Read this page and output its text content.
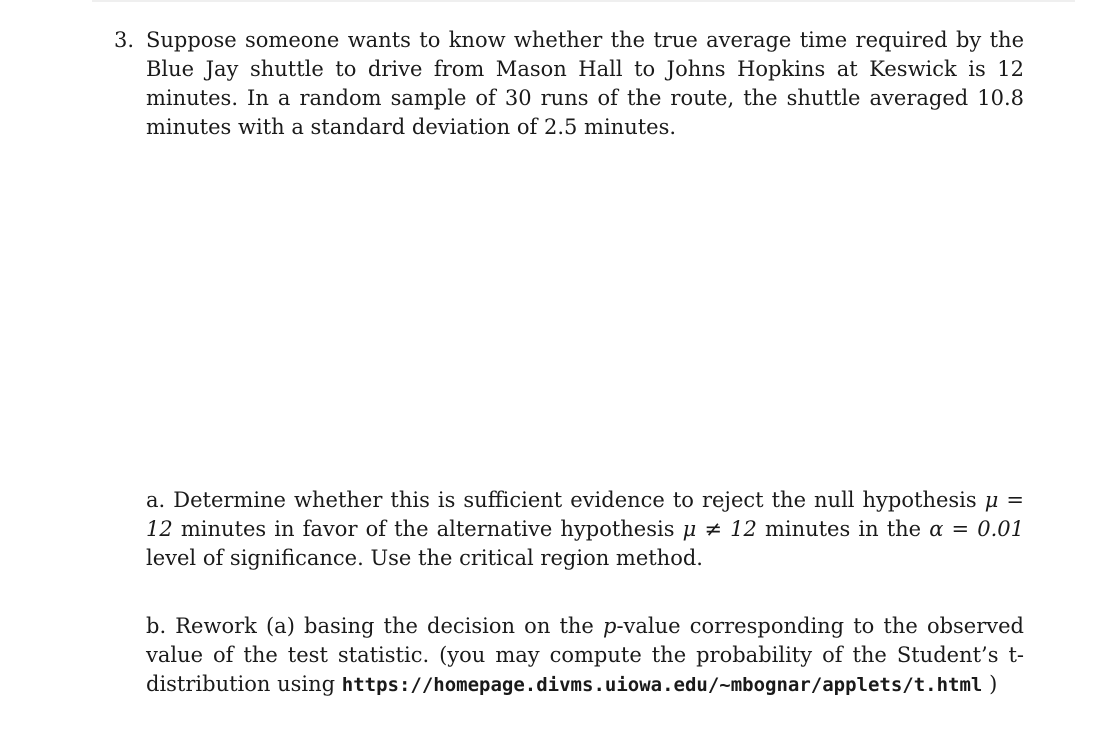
3. Suppose someone wants to know whether the true average time required by the Blue Jay shuttle to drive from Mason Hall to Johns Hopkins at Keswick is 12 minutes. In a random sample of 30 runs of the route, the shuttle averaged 10.8 minutes with a standard deviation of 2.5 minutes.

a. Determine whether this is sufficient evidence to reject the null hypothesis μ = 12 minutes in favor of the alternative hypothesis μ ≠ 12 minutes in the α = 0.01 level of significance. Use the critical region method.

b. Rework (a) basing the decision on the p-value corresponding to the observed value of the test statistic. (you may compute the probability of the Student’s t-distribution using https://homepage.divms.uiowa.edu/~mbognar/applets/t.html )
